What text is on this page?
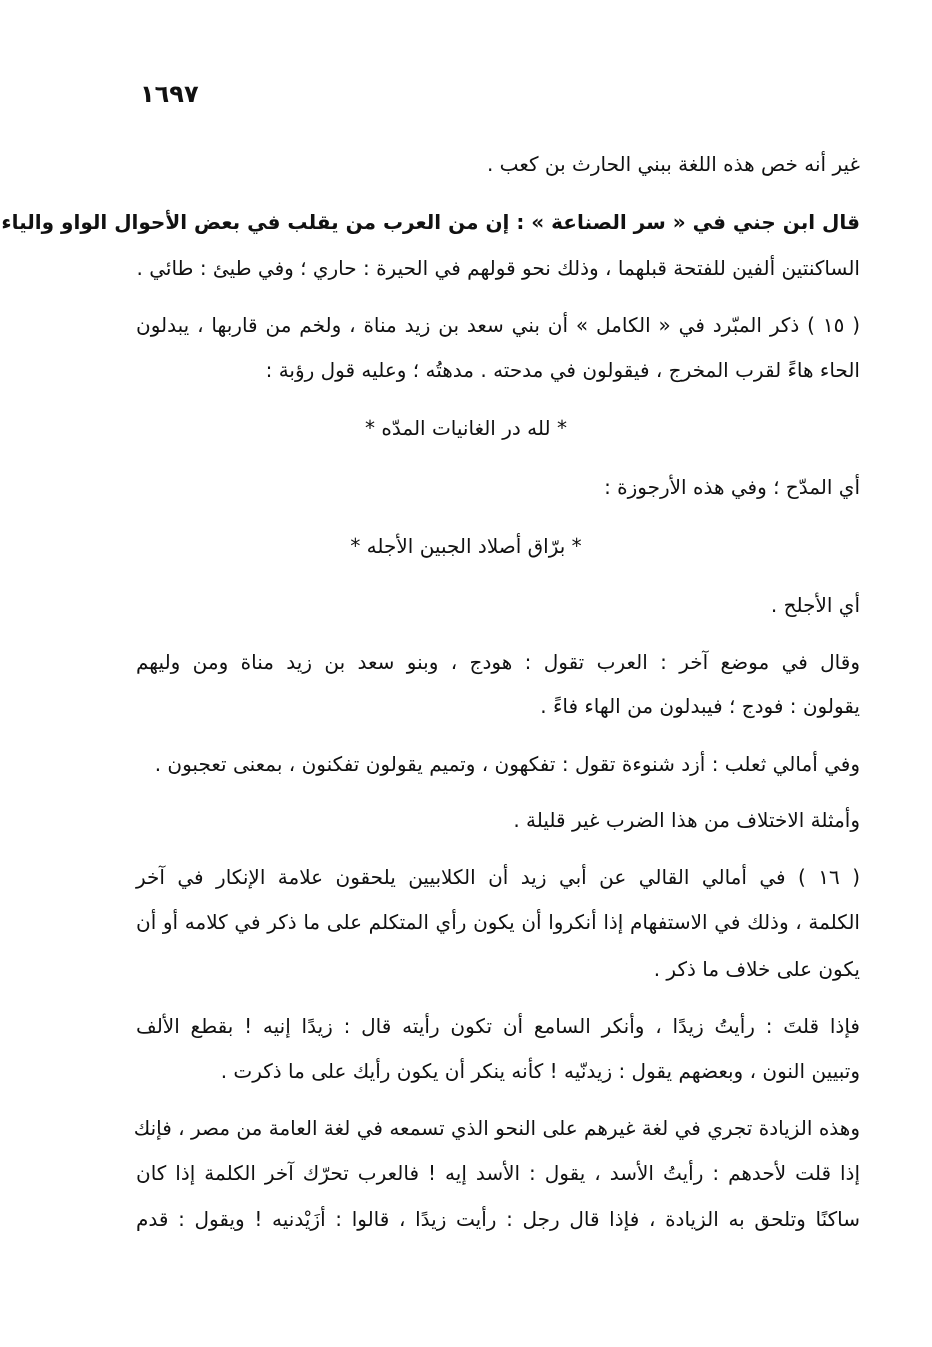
١٦٩٧
غير أنه خص هذه اللغة ببني الحارث بن كعب .
قال ابن جني في « سر الصناعة » : إن من العرب من يقلب في بعض الأحوال الواو والياء
الساكنتين ألفين للفتحة قبلهما ، وذلك نحو قولهم في الحيرة : حاري ؛ وفي طيئ : طائي .
( ١٥ ) ذكر المبّرد في « الكامل » أن بني سعد بن زيد مناة ، ولخم من قاربها ، يبدلون
الحاء هاءً لقرب المخرج ، فيقولون في مدحته . مدهتُه ؛ وعليه قول رؤبة :
* لله در الغانيات المدّه *
أي المدّح ؛ وفي هذه الأرجوزة :
* برّاق أصلاد الجبين الأجله *
أي الأجلح .
وقال في موضع آخر : العرب تقول : هودج ، وبنو سعد بن زيد مناة ومن وليهم
يقولون : فودج ؛ فيبدلون من الهاء فاءً .
وفي أمالي ثعلب : أزد شنوءة تقول : تفكهون ، وتميم يقولون تفكنون ، بمعنى تعجبون .
وأمثلة الاختلاف من هذا الضرب غير قليلة .
( ١٦ ) في أمالي القالي عن أبي زيد أن الكلابيين يلحقون علامة الإنكار في آخر
الكلمة ، وذلك في الاستفهام إذا أنكروا أن يكون رأي المتكلم على ما ذكر في كلامه أو أن
يكون على خلاف ما ذكر .
فإذا قلتَ : رأيتُ زيدًا ، وأنكر السامع أن تكون رأيته قال : زيدًا إنيه ! بقطع الألف
وتبيين النون ، وبعضهم يقول : زيدنّيه ! كأنه ينكر أن يكون رأيك على ما ذكرت .
وهذه الزيادة تجري في لغة غيرهم على النحو الذي تسمعه في لغة العامة من مصر ، فإنك
إذا قلت لأحدهم : رأيتُ الأسد ، يقول : الأسد إيه ! فالعرب تحرّك آخر الكلمة إذا كان
ساكنًا وتلحق به الزيادة ، فإذا قال رجل : رأيت زيدًا ، قالوا : أزَيْدنيه ! ويقول : قدم
